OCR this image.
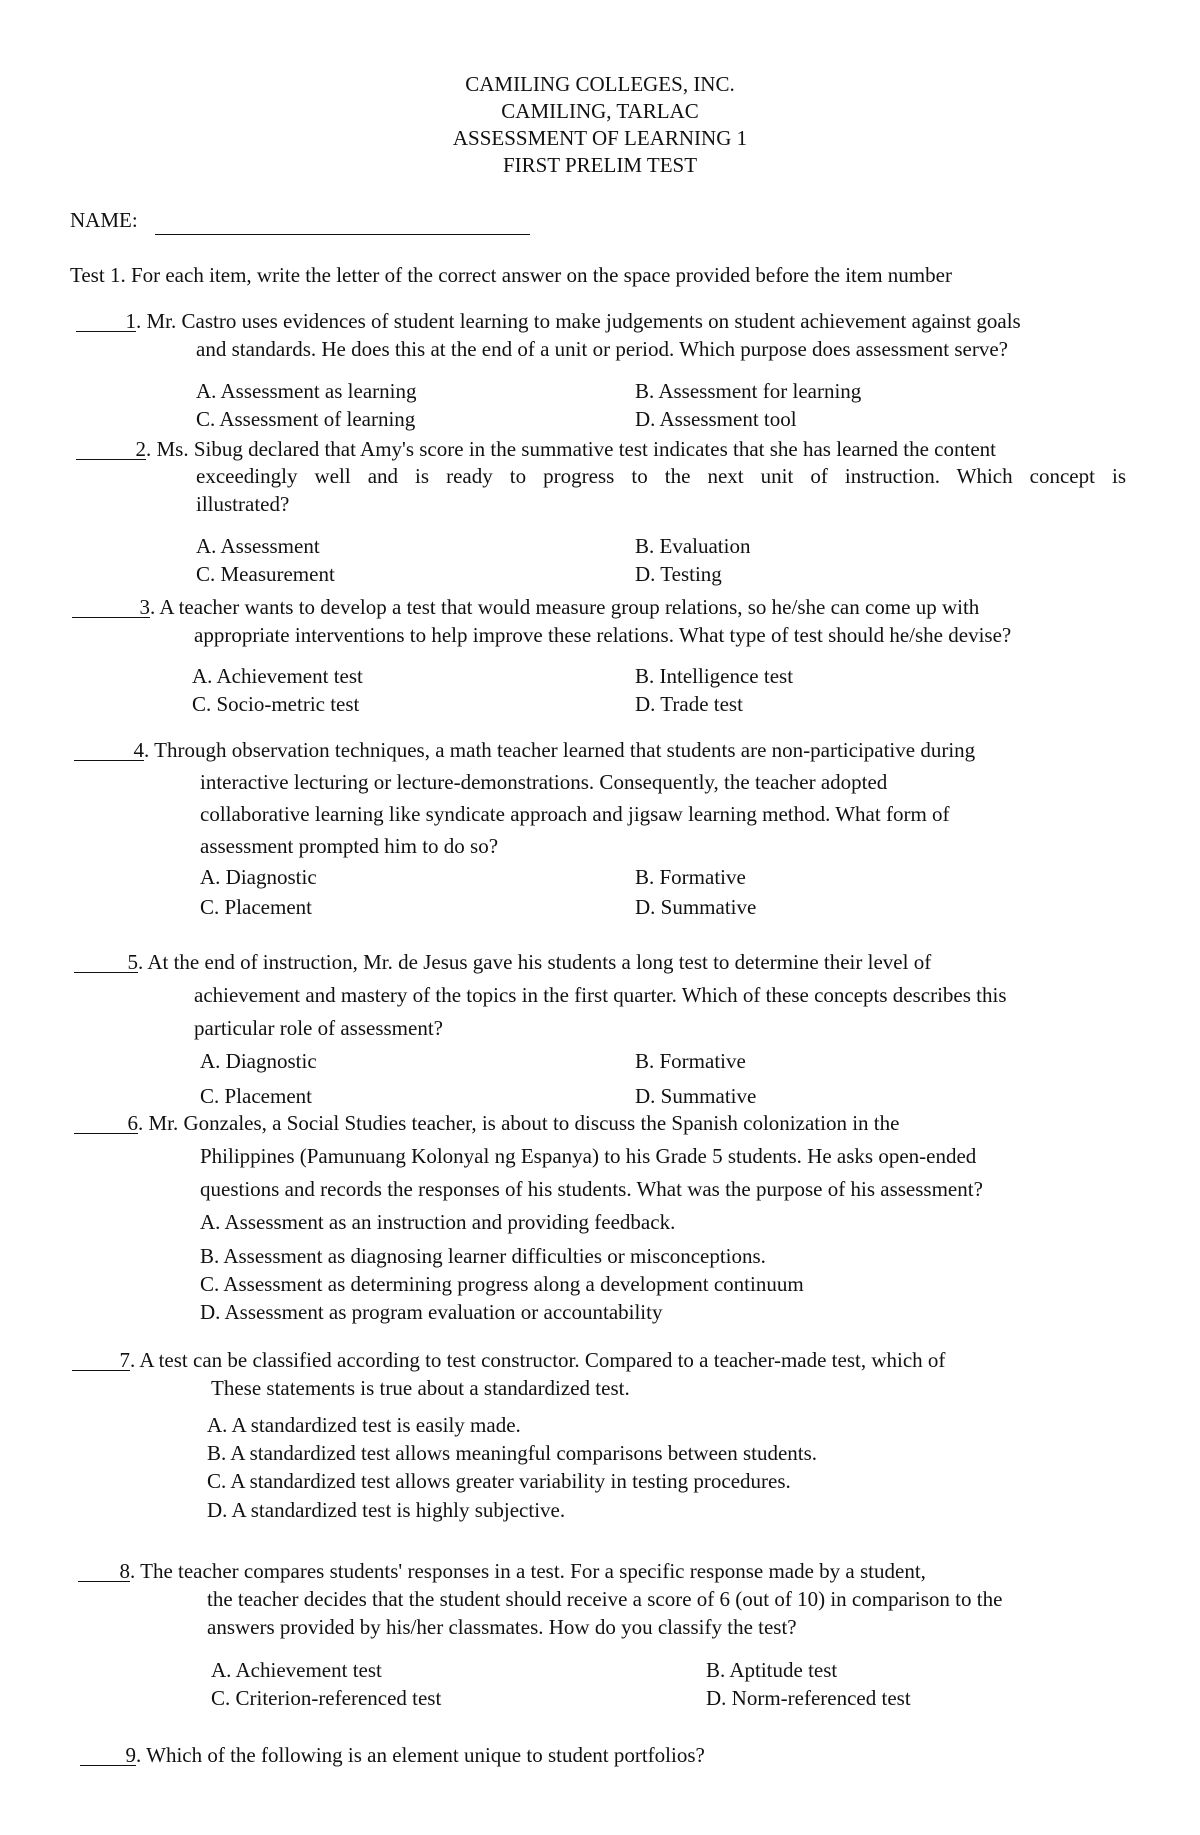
CAMILING COLLEGES, INC.
CAMILING, TARLAC
ASSESSMENT OF LEARNING 1
FIRST PRELIM TEST
NAME:
Test 1. For each item, write the letter of the correct answer on the space provided before the item number
1. Mr. Castro uses evidences of student learning to make judgements on student achievement against goals
and standards. He does this at the end of a unit or period. Which purpose does assessment serve?
A. Assessment as learning	B. Assessment for learning
C. Assessment of learning	D. Assessment tool
2. Ms. Sibug declared that Amy's score in the summative test indicates that she has learned the content
exceedingly well and is ready to progress to the next unit of instruction. Which concept is
illustrated?
A. Assessment	B. Evaluation
C. Measurement	D. Testing
3. A teacher wants to develop a test that would measure group relations, so he/she can come up with
appropriate interventions to help improve these relations. What type of test should he/she devise?
A. Achievement test	B. Intelligence test
C. Socio-metric test	D. Trade test
4. Through observation techniques, a math teacher learned that students are non-participative during
interactive lecturing or lecture-demonstrations. Consequently, the teacher adopted
collaborative learning like syndicate approach and jigsaw learning method. What form of
assessment prompted him to do so?
A. Diagnostic	B. Formative
C. Placement	D. Summative
5. At the end of instruction, Mr. de Jesus gave his students a long test to determine their level of
achievement and mastery of the topics in the first quarter. Which of these concepts describes this
particular role of assessment?
A. Diagnostic	B. Formative
C. Placement	D. Summative
6. Mr. Gonzales, a Social Studies teacher, is about to discuss the Spanish colonization in the
Philippines (Pamunuang Kolonyal ng Espanya) to his Grade 5 students. He asks open-ended
questions and records the responses of his students. What was the purpose of his assessment?
A. Assessment as an instruction and providing feedback.
B. Assessment as diagnosing learner difficulties or misconceptions.
C. Assessment as determining progress along a development continuum
D. Assessment as program evaluation or accountability
7. A test can be classified according to test constructor. Compared to a teacher-made test, which of
These statements is true about a standardized test.
A. A standardized test is easily made.
B. A standardized test allows meaningful comparisons between students.
C. A standardized test allows greater variability in testing procedures.
D. A standardized test is highly subjective.
8. The teacher compares students' responses in a test. For a specific response made by a student,
the teacher decides that the student should receive a score of 6 (out of 10) in comparison to the
answers provided by his/her classmates. How do you classify the test?
A. Achievement test	B. Aptitude test
C. Criterion-referenced test	D. Norm-referenced test
9. Which of the following is an element unique to student portfolios?
